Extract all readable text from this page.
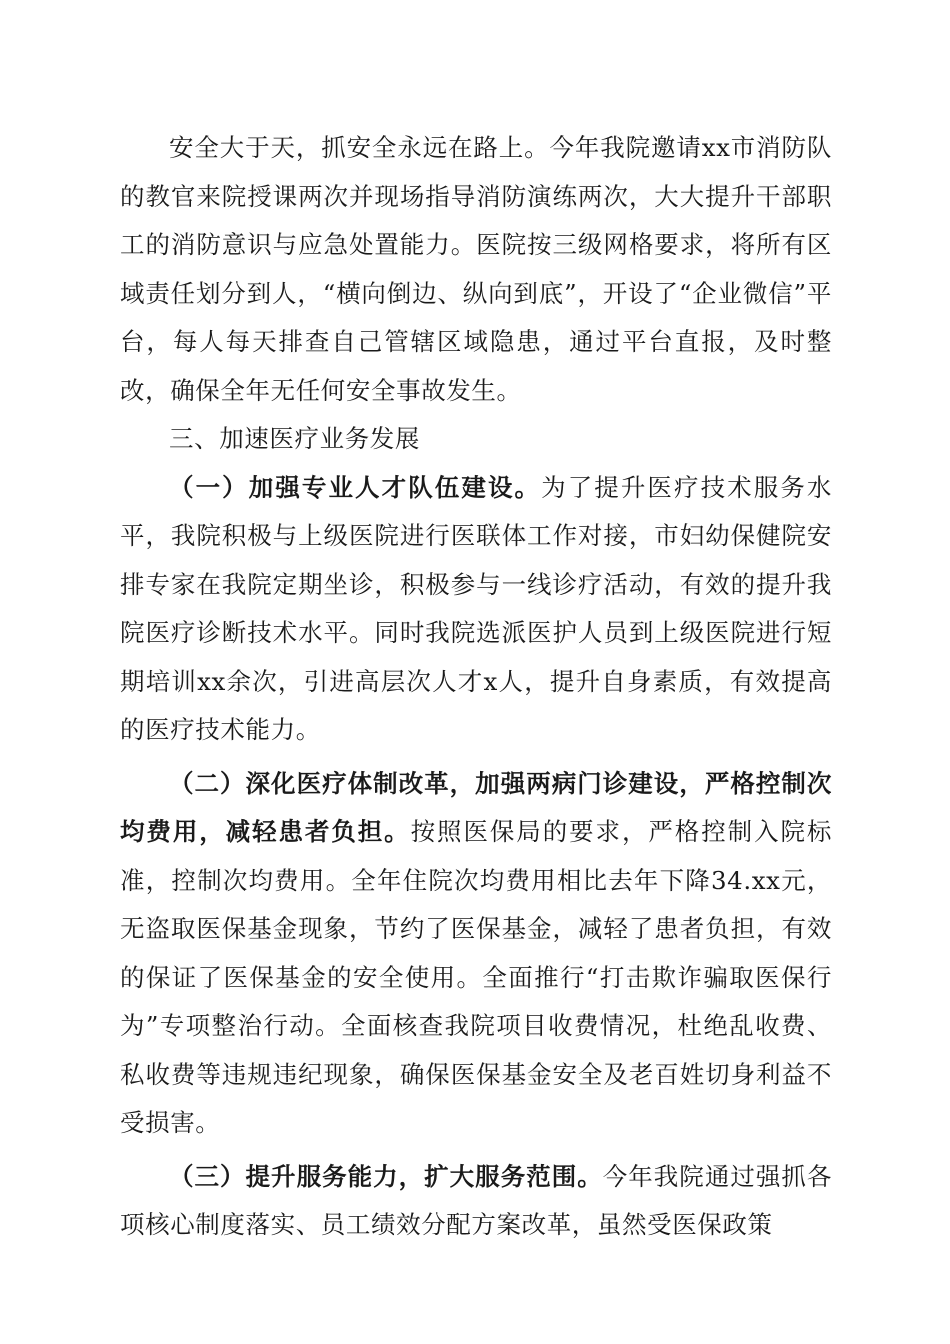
安全大于天，抓安全永远在路上。今年我院邀请xx市消防队的教官来院授课两次并现场指导消防演练两次，大大提升干部职工的消防意识与应急处置能力。医院按三级网格要求，将所有区域责任划分到人，“横向倒边、纵向到底”，开设了“企业微信”平台，每人每天排查自己管辖区域隐患，通过平台直报，及时整改，确保全年无任何安全事故发生。

三、加速医疗业务发展

（一）加强专业人才队伍建设。为了提升医疗技术服务水平，我院积极与上级医院进行医联体工作对接，市妇幼保健院安排专家在我院定期坐诊，积极参与一线诊疗活动，有效的提升我院医疗诊断技术水平。同时我院选派医护人员到上级医院进行短期培训xx余次，引进高层次人才x人，提升自身素质，有效提高的医疗技术能力。

（二）深化医疗体制改革，加强两病门诊建设，严格控制次均费用，减轻患者负担。按照医保局的要求，严格控制入院标准，控制次均费用。全年住院次均费用相比去年下降34.xx元，无盗取医保基金现象，节约了医保基金，减轻了患者负担，有效的保证了医保基金的安全使用。全面推行“打击欺诈骗取医保行为”专项整治行动。全面核查我院项目收费情况，杜绝乱收费、私收费等违规违纪现象，确保医保基金安全及老百姓切身利益不受损害。

（三）提升服务能力，扩大服务范围。今年我院通过强抓各项核心制度落实、员工绩效分配方案改革，虽然受医保政策
